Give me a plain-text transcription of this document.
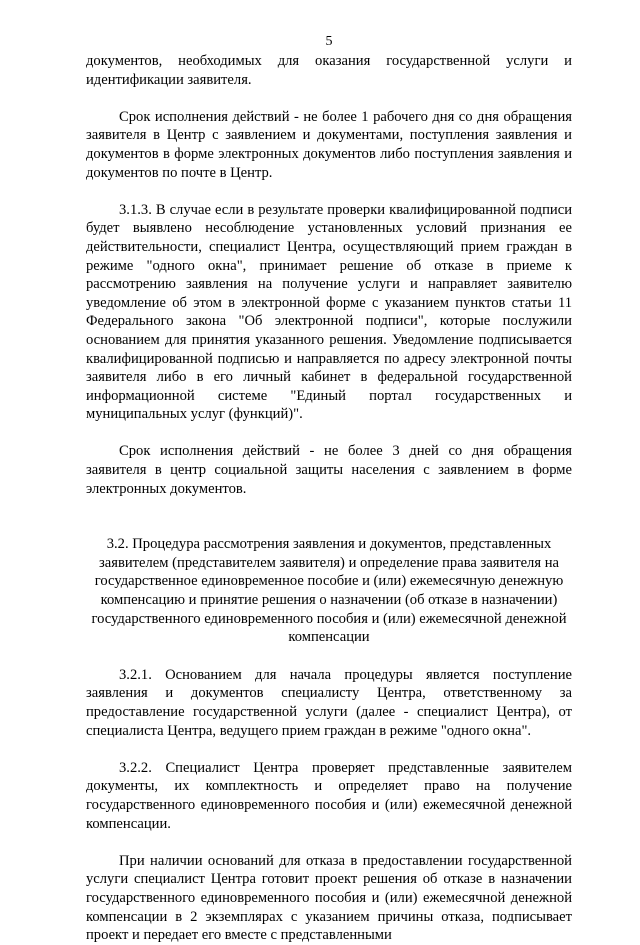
5

документов, необходимых для оказания государственной услуги и идентификации заявителя.

Срок исполнения действий - не более 1 рабочего дня со дня обращения заявителя в Центр с заявлением и документами, поступления заявления и документов в форме электронных документов либо поступления заявления и документов по почте в Центр.

3.1.3. В случае если в результате проверки квалифицированной подписи будет выявлено несоблюдение установленных условий признания ее действительности, специалист Центра, осуществляющий прием граждан в режиме "одного окна", принимает решение об отказе в приеме к рассмотрению заявления на получение услуги и направляет заявителю уведомление об этом в электронной форме с указанием пунктов статьи 11 Федерального закона "Об электронной подписи", которые послужили основанием для принятия указанного решения. Уведомление подписывается квалифицированной подписью и направляется по адресу электронной почты заявителя либо в его личный кабинет в федеральной государственной информационной системе "Единый портал государственных и муниципальных услуг (функций)".

Срок исполнения действий - не более 3 дней со дня обращения заявителя в центр социальной защиты населения с заявлением в форме электронных документов.

3.2. Процедура рассмотрения заявления и документов, представленных заявителем (представителем заявителя) и определение права заявителя на государственное единовременное пособие и (или) ежемесячную денежную компенсацию и принятие решения о назначении (об отказе в назначении) государственного единовременного пособия и (или) ежемесячной денежной компенсации

3.2.1. Основанием для начала процедуры является поступление заявления и документов специалисту Центра, ответственному за предоставление государственной услуги (далее - специалист Центра), от специалиста Центра, ведущего прием граждан в режиме "одного окна".

3.2.2. Специалист Центра проверяет представленные заявителем документы, их комплектность и определяет право на получение государственного единовременного пособия и (или) ежемесячной денежной компенсации.

При наличии оснований для отказа в предоставлении государственной услуги специалист Центра готовит проект решения об отказе в назначении государственного единовременного пособия и (или) ежемесячной денежной компенсации в 2 экземплярах с указанием причины отказа, подписывает проект и передает его вместе с представленными
